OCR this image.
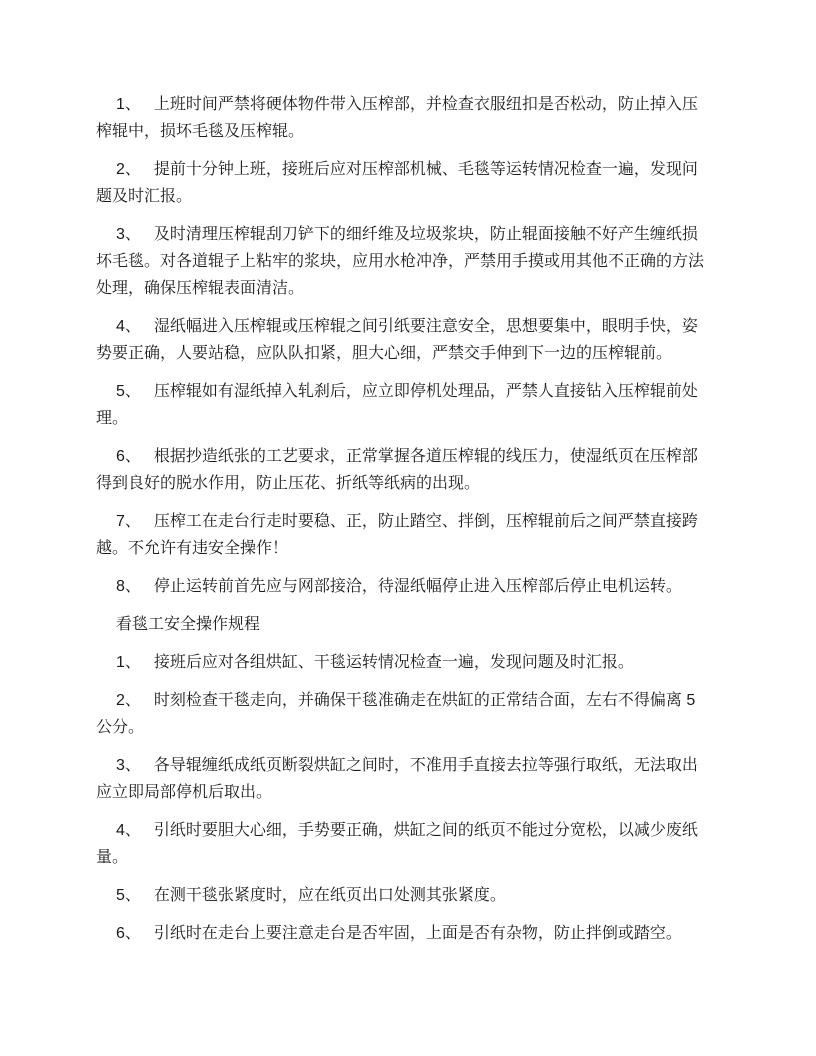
1、 上班时间严禁将硬体物件带入压榨部，并检查衣服纽扣是否松动，防止掉入压榨辊中，损坏毛毯及压榨辊。

2、 提前十分钟上班，接班后应对压榨部机械、毛毯等运转情况检查一遍，发现问题及时汇报。

3、 及时清理压榨辊刮刀铲下的细纤维及垃圾浆块，防止辊面接触不好产生缠纸损坏毛毯。对各道辊子上粘牢的浆块，应用水枪冲净，严禁用手摸或用其他不正确的方法处理，确保压榨辊表面清洁。

4、 湿纸幅进入压榨辊或压榨辊之间引纸要注意安全，思想要集中，眼明手快，姿势要正确，人要站稳，应队队扣紧，胆大心细，严禁交手伸到下一边的压榨辊前。

5、 压榨辊如有湿纸掉入轧刹后，应立即停机处理品，严禁人直接钻入压榨辊前处理。

6、 根据抄造纸张的工艺要求，正常掌握各道压榨辊的线压力，使湿纸页在压榨部得到良好的脱水作用，防止压花、折纸等纸病的出现。

7、 压榨工在走台行走时要稳、正，防止踏空、拌倒，压榨辊前后之间严禁直接跨越。不允许有违安全操作！

8、 停止运转前首先应与网部接洽，待湿纸幅停止进入压榨部后停止电机运转。

看毯工安全操作规程

1、 接班后应对各组烘缸、干毯运转情况检查一遍，发现问题及时汇报。

2、 时刻检查干毯走向，并确保干毯准确走在烘缸的正常结合面，左右不得偏离 5 公分。

3、 各导辊缠纸成纸页断裂烘缸之间时，不准用手直接去拉等强行取纸，无法取出应立即局部停机后取出。

4、 引纸时要胆大心细，手势要正确，烘缸之间的纸页不能过分宽松，以减少废纸量。

5、 在测干毯张紧度时，应在纸页出口处测其张紧度。

6、 引纸时在走台上要注意走台是否牢固，上面是否有杂物，防止拌倒或踏空。
